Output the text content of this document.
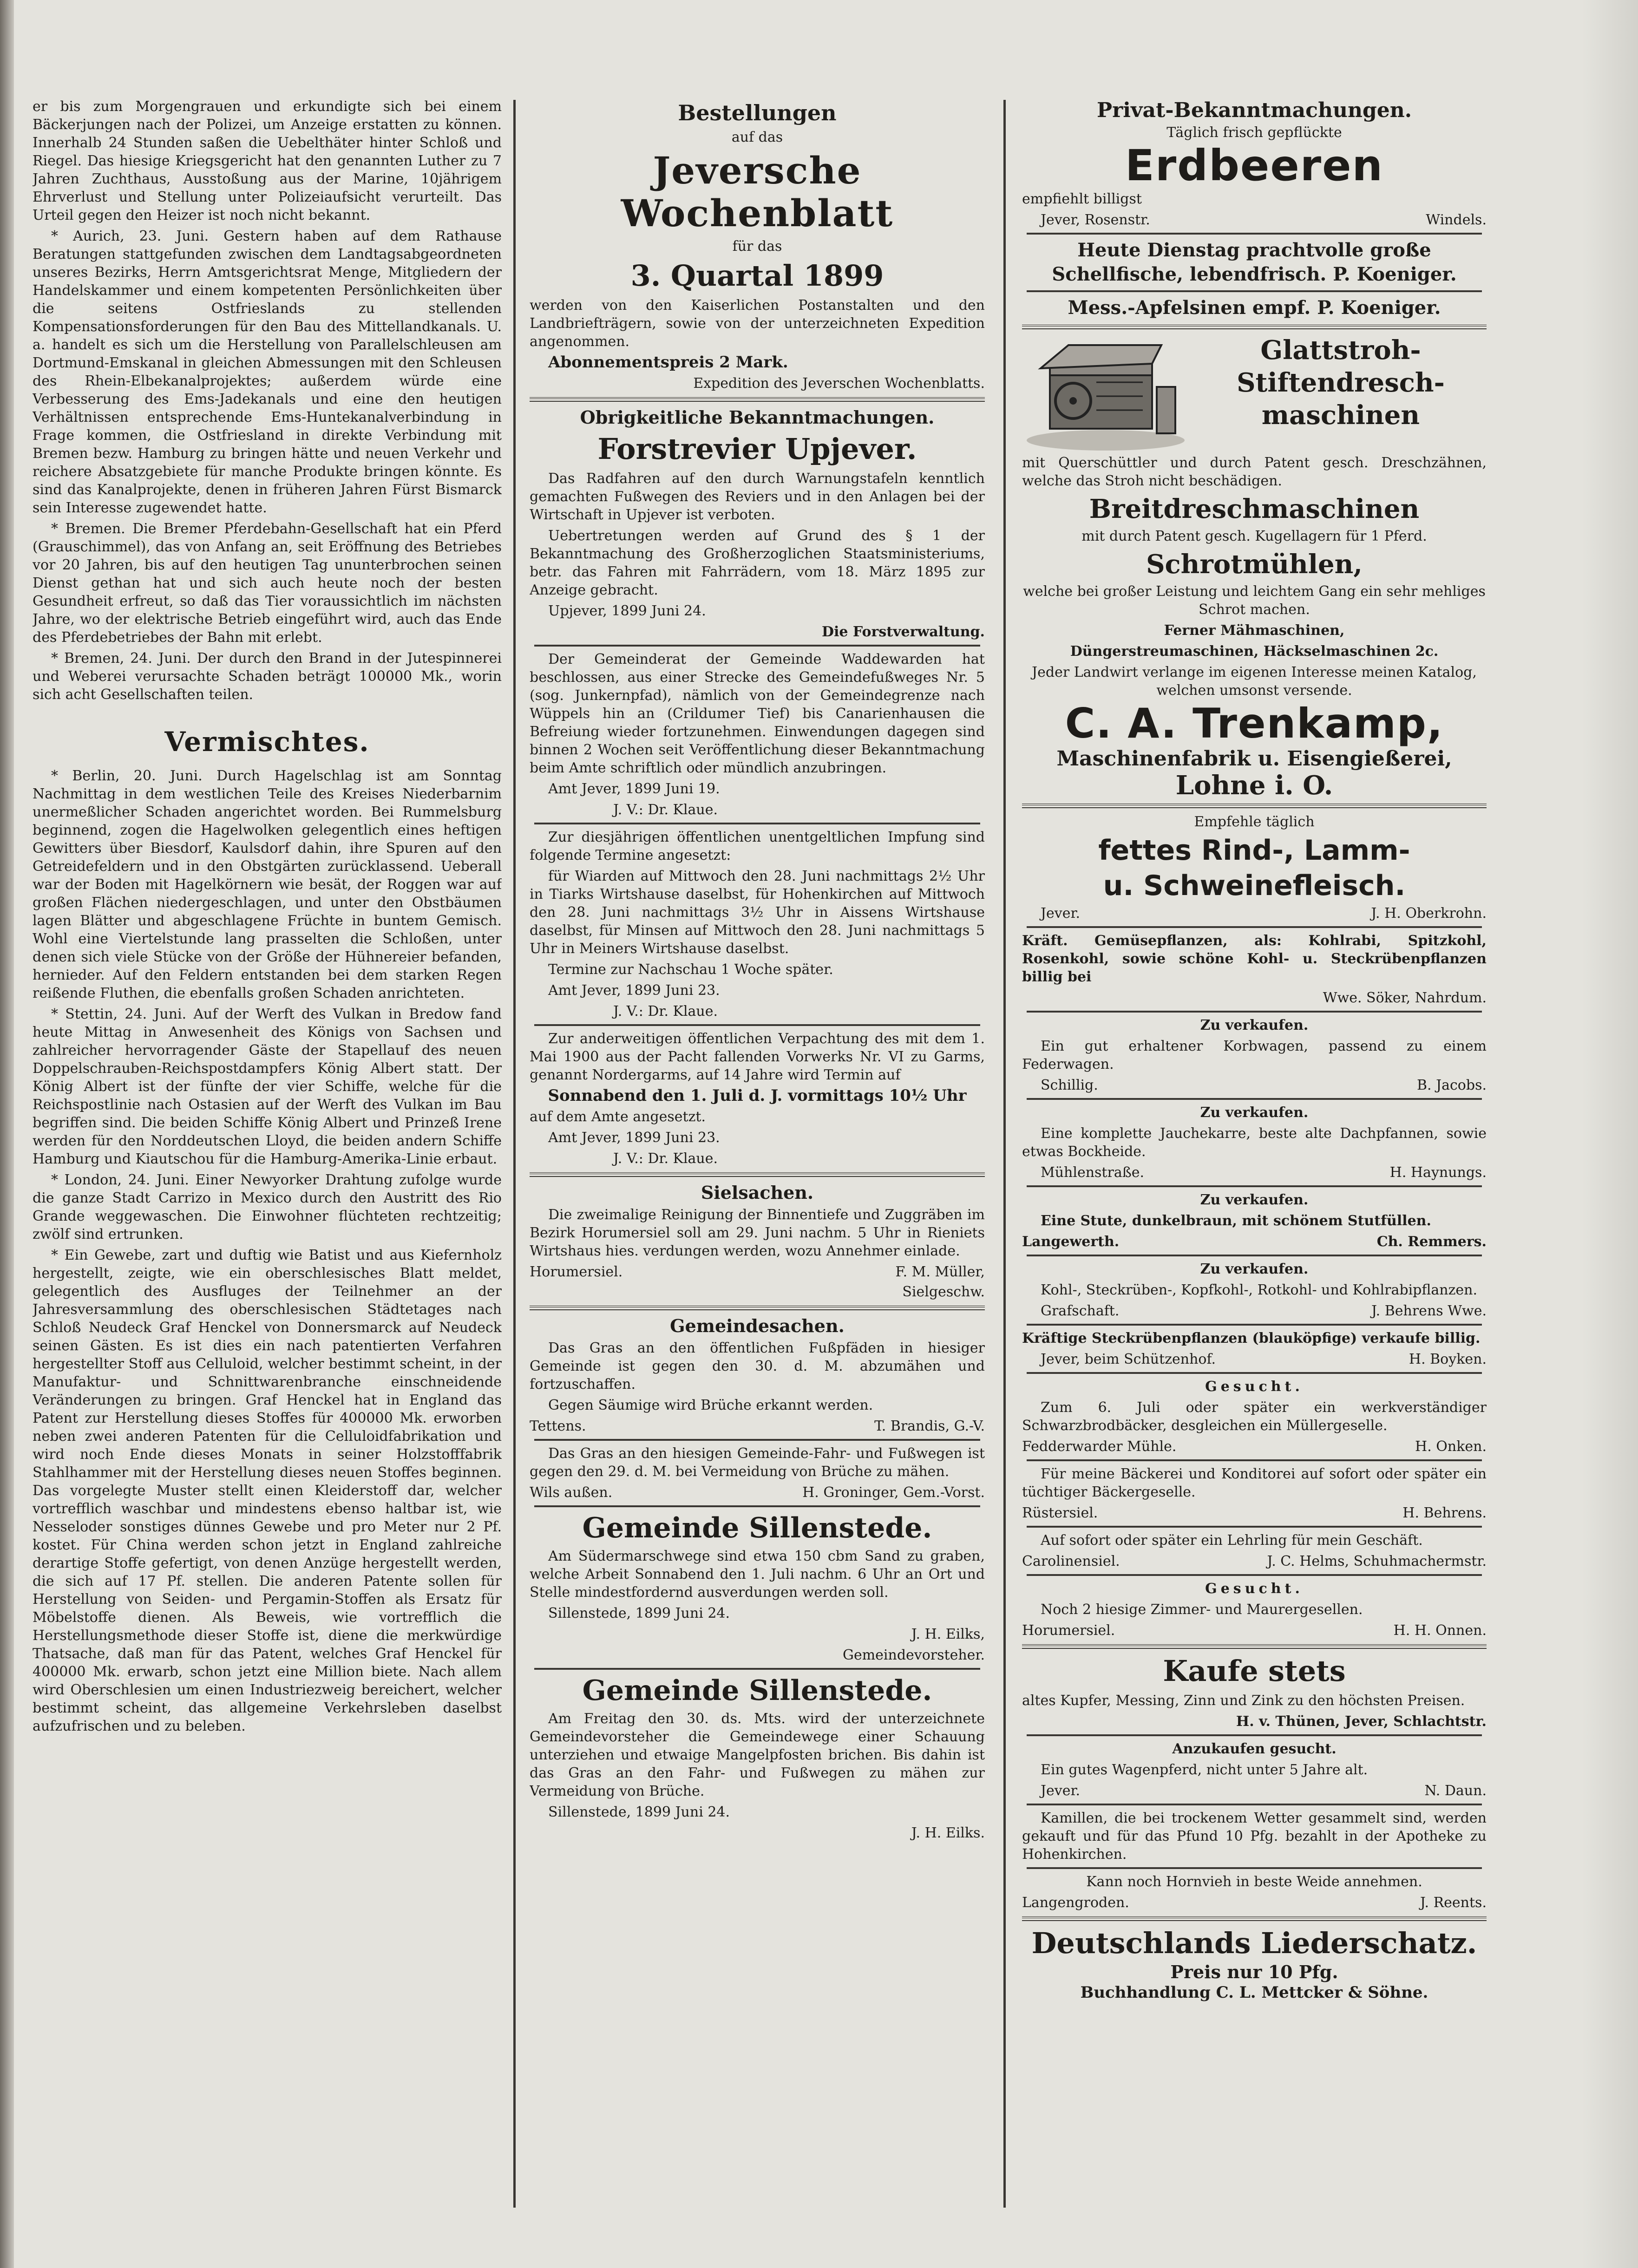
er bis zum Morgengrauen und erkundigte sich bei einem Bäckerjungen nach der Polizei, um Anzeige erstatten zu können. Innerhalb 24 Stunden saßen die Uebelthäter hinter Schloß und Riegel. Das hiesige Kriegsgericht hat den genannten Luther zu 7 Jahren Zuchthaus, Ausstoßung aus der Marine, 10jährigem Ehrverlust und Stellung unter Polizeiaufsicht verurteilt. Das Urteil gegen den Heizer ist noch nicht bekannt.

* Aurich, 23. Juni. Gestern haben auf dem Rathause Beratungen stattgefunden zwischen dem Landtagsabgeordneten unseres Bezirks, Herrn Amtsgerichtsrat Menge, Mitgliedern der Handelskammer und einem kompetenten Persönlichkeiten über die seitens Ostfrieslands zu stellenden Kompensationsforderungen für den Bau des Mittellandkanals. U. a. handelt es sich um die Herstellung von Parallelschleusen am Dortmund-Emskanal in gleichen Abmessungen mit den Schleusen des Rhein-Elbekanalprojektes; außerdem würde eine Verbesserung des Ems-Jadekanals und eine den heutigen Verhältnissen entsprechende Ems-Huntekanalverbindung in Frage kommen, die Ostfriesland in direkte Verbindung mit Bremen bezw. Hamburg zu bringen hätte und neuen Verkehr und reichere Absatzgebiete für manche Produkte bringen könnte. Es sind das Kanalprojekte, denen in früheren Jahren Fürst Bismarck sein Interesse zugewendet hatte.

* Bremen. Die Bremer Pferdebahn-Gesellschaft hat ein Pferd (Grauschimmel), das von Anfang an, seit Eröffnung des Betriebes vor 20 Jahren, bis auf den heutigen Tag ununterbrochen seinen Dienst gethan hat und sich auch heute noch der besten Gesundheit erfreut, so daß das Tier voraussichtlich im nächsten Jahre, wo der elektrische Betrieb eingeführt wird, auch das Ende des Pferdebetriebes der Bahn mit erlebt.

* Bremen, 24. Juni. Der durch den Brand in der Jutespinnerei und Weberei verursachte Schaden beträgt 100000 Mk., worin sich acht Gesellschaften teilen.

Vermischtes.

* Berlin, 20. Juni. Durch Hagelschlag ist am Sonntag Nachmittag in dem westlichen Teile des Kreises Niederbarnim unermeßlicher Schaden angerichtet worden. Bei Rummelsburg beginnend, zogen die Hagelwolken gelegentlich eines heftigen Gewitters über Biesdorf, Kaulsdorf dahin, ihre Spuren auf den Getreidefeldern und in den Obstgärten zurücklassend. Ueberall war der Boden mit Hagelkörnern wie besät, der Roggen war auf großen Flächen niedergeschlagen, und unter den Obstbäumen lagen Blätter und abgeschlagene Früchte in buntem Gemisch. Wohl eine Viertelstunde lang prasselten die Schloßen, unter denen sich viele Stücke von der Größe der Hühnereier befanden, hernieder. Auf den Feldern entstanden bei dem starken Regen reißende Fluthen, die ebenfalls großen Schaden anrichteten.

* Stettin, 24. Juni. Auf der Werft des Vulkan in Bredow fand heute Mittag in Anwesenheit des Königs von Sachsen und zahlreicher hervorragender Gäste der Stapellauf des neuen Doppelschrauben-Reichspostdampfers König Albert statt. Der König Albert ist der fünfte der vier Schiffe, welche für die Reichspostlinie nach Ostasien auf der Werft des Vulkan im Bau begriffen sind. Die beiden Schiffe König Albert und Prinzeß Irene werden für den Norddeutschen Lloyd, die beiden andern Schiffe Hamburg und Kiautschou für die Hamburg-Amerika-Linie erbaut.

* London, 24. Juni. Einer Newyorker Drahtung zufolge wurde die ganze Stadt Carrizo in Mexico durch den Austritt des Rio Grande weggewaschen. Die Einwohner flüchteten rechtzeitig; zwölf sind ertrunken.

* Ein Gewebe, zart und duftig wie Batist und aus Kiefernholz hergestellt, zeigte, wie ein oberschlesisches Blatt meldet, gelegentlich des Ausfluges der Teilnehmer an der Jahresversammlung des oberschlesischen Städtetages nach Schloß Neudeck Graf Henckel von Donnersmarck auf Neudeck seinen Gästen. Es ist dies ein nach patentierten Verfahren hergestellter Stoff aus Celluloid, welcher bestimmt scheint, in der Manufaktur- und Schnittwarenbranche einschneidende Veränderungen zu bringen. Graf Henckel hat in England das Patent zur Herstellung dieses Stoffes für 400000 Mk. erworben neben zwei anderen Patenten für die Celluloidfabrikation und wird noch Ende dieses Monats in seiner Holzstofffabrik Stahlhammer mit der Herstellung dieses neuen Stoffes beginnen. Das vorgelegte Muster stellt einen Kleiderstoff dar, welcher vortrefflich waschbar und mindestens ebenso haltbar ist, wie Nesseloder sonstiges dünnes Gewebe und pro Meter nur 2 Pf. kostet. Für China werden schon jetzt in England zahlreiche derartige Stoffe gefertigt, von denen Anzüge hergestellt werden, die sich auf 17 Pf. stellen. Die anderen Patente sollen für Herstellung von Seiden- und Pergamin-Stoffen als Ersatz für Möbelstoffe dienen. Als Beweis, wie vortrefflich die Herstellungsmethode dieser Stoffe ist, diene die merkwürdige Thatsache, daß man für das Patent, welches Graf Henckel für 400000 Mk. erwarb, schon jetzt eine Million biete. Nach allem wird Oberschlesien um einen Industriezweig bereichert, welcher bestimmt scheint, das allgemeine Verkehrsleben daselbst aufzufrischen und zu beleben.

Bestellungen

auf das

Jeversche Wochenblatt

für das

3. Quartal 1899

werden von den Kaiserlichen Postanstalten und den Landbriefträgern, sowie von der unterzeichneten Expedition angenommen.

Abonnementspreis 2 Mark.

Expedition des Jeverschen Wochenblatts.

Obrigkeitliche Bekanntmachungen.
Forstrevier Upjever.

Das Radfahren auf den durch Warnungstafeln kenntlich gemachten Fußwegen des Reviers und in den Anlagen bei der Wirtschaft in Upjever ist verboten.

Uebertretungen werden auf Grund des § 1 der Bekanntmachung des Großherzoglichen Staatsministeriums, betr. das Fahren mit Fahrrädern, vom 18. März 1895 zur Anzeige gebracht.

Upjever, 1899 Juni 24.

Die Forstverwaltung.

Der Gemeinderat der Gemeinde Waddewarden hat beschlossen, aus einer Strecke des Gemeindefußweges Nr. 5 (sog. Junkernpfad), nämlich von der Gemeindegrenze nach Wüppels hin an (Crildumer Tief) bis Canarienhausen die Befreiung wieder fortzunehmen. Einwendungen dagegen sind binnen 2 Wochen seit Veröffentlichung dieser Bekanntmachung beim Amte schriftlich oder mündlich anzubringen.

Amt Jever, 1899 Juni 19.

J. V.: Dr. Klaue.

Zur diesjährigen öffentlichen unentgeltlichen Impfung sind folgende Termine angesetzt:

für Wiarden auf Mittwoch den 28. Juni nachmittags 2½ Uhr in Tiarks Wirtshause daselbst, für Hohenkirchen auf Mittwoch den 28. Juni nachmittags 3½ Uhr in Aissens Wirtshause daselbst, für Minsen auf Mittwoch den 28. Juni nachmittags 5 Uhr in Meiners Wirtshause daselbst.

Termine zur Nachschau 1 Woche später.

Amt Jever, 1899 Juni 23.

J. V.: Dr. Klaue.

Zur anderweitigen öffentlichen Verpachtung des mit dem 1. Mai 1900 aus der Pacht fallenden Vorwerks Nr. VI zu Garms, genannt Nordergarms, auf 14 Jahre wird Termin auf

Sonnabend den 1. Juli d. J. vormittags 10½ Uhr

auf dem Amte angesetzt.

Amt Jever, 1899 Juni 23.

J. V.: Dr. Klaue.

Sielsachen.

Die zweimalige Reinigung der Binnentiefe und Zuggräben im Bezirk Horumersiel soll am 29. Juni nachm. 5 Uhr in Rieniets Wirtshaus hies. verdungen werden, wozu Annehmer einlade.

Horumersiel.	F. M. Müller,

Sielgeschw.

Gemeindesachen.

Das Gras an den öffentlichen Fußpfäden in hiesiger Gemeinde ist gegen den 30. d. M. abzumähen und fortzuschaffen.

Gegen Säumige wird Brüche erkannt werden.

Tettens.	T. Brandis, G.-V.

Das Gras an den hiesigen Gemeinde-Fahr- und Fußwegen ist gegen den 29. d. M. bei Vermeidung von Brüche zu mähen.

Wils außen.	H. Groninger, Gem.-Vorst.
Gemeinde Sillenstede.

Am Südermarschwege sind etwa 150 cbm Sand zu graben, welche Arbeit Sonnabend den 1. Juli nachm. 6 Uhr an Ort und Stelle mindestfordernd ausverdungen werden soll.

Sillenstede, 1899 Juni 24.

J. H. Eilks,

Gemeindevorsteher.

Gemeinde Sillenstede.

Am Freitag den 30. ds. Mts. wird der unterzeichnete Gemeindevorsteher die Gemeindewege einer Schauung unterziehen und etwaige Mangelpfosten brichen. Bis dahin ist das Gras an den Fahr- und Fußwegen zu mähen zur Vermeidung von Brüche.

Sillenstede, 1899 Juni 24.

J. H. Eilks.

Privat-Bekanntmachungen.

Täglich frisch gepflückte

Erdbeeren

empfiehlt billigst

Jever, Rosenstr.	Windels.

Heute Dienstag prachtvolle große Schellfische, lebendfrisch. P. Koeniger.

Mess.-Apfelsinen empf. P. Koeniger.

Glattstroh-Stiftendresch-maschinen

mit Querschüttler und durch Patent gesch. Dreschzähnen, welche das Stroh nicht beschädigen.

Breitdreschmaschinen

mit durch Patent gesch. Kugellagern für 1 Pferd.

Schrotmühlen,

welche bei großer Leistung und leichtem Gang ein sehr mehliges Schrot machen.

Ferner Mähmaschinen,

Düngerstreumaschinen, Häckselmaschinen 2c.

Jeder Landwirt verlange im eigenen Interesse meinen Katalog, welchen umsonst versende.

C. A. Trenkamp,
Maschinenfabrik u. Eisengießerei,
Lohne i. O.

Empfehle täglich

fettes Rind-, Lamm-
u. Schweinefleisch.
Jever.	J. H. Oberkrohn.

Kräft. Gemüsepflanzen, als: Kohlrabi, Spitzkohl, Rosenkohl, sowie schöne Kohl- u. Steckrübenpflanzen billig bei

Wwe. Söker, Nahrdum.

Zu verkaufen.

Ein gut erhaltener Korbwagen, passend zu einem Federwagen.

Schillig.	B. Jacobs.

Zu verkaufen.

Eine komplette Jauchekarre, beste alte Dachpfannen, sowie etwas Bockheide.

Mühlenstraße.	H. Haynungs.

Zu verkaufen.

Eine Stute, dunkelbraun, mit schönem Stutfüllen.

Langewerth.	Ch. Remmers.

Zu verkaufen.

Kohl-, Steckrüben-, Kopfkohl-, Rotkohl- und Kohlrabipflanzen.

Grafschaft.	J. Behrens Wwe.

Kräftige Steckrübenpflanzen (blauköpfige) verkaufe billig.

Jever, beim Schützenhof.	H. Boyken.

Gesucht.

Zum 6. Juli oder später ein werkverständiger Schwarzbrodbäcker, desgleichen ein Müllergeselle.

Fedderwarder Mühle.	H. Onken.

Für meine Bäckerei und Konditorei auf sofort oder später ein tüchtiger Bäckergeselle.

Rüstersiel.	H. Behrens.

Auf sofort oder später ein Lehrling für mein Geschäft.

Carolinensiel.	J. C. Helms, Schuhmachermstr.

Gesucht.

Noch 2 hiesige Zimmer- und Maurergesellen.

Horumersiel.	H. H. Onnen.
Kaufe stets

altes Kupfer, Messing, Zinn und Zink zu den höchsten Preisen.

H. v. Thünen, Jever, Schlachtstr.

Anzukaufen gesucht.

Ein gutes Wagenpferd, nicht unter 5 Jahre alt.

Jever.	N. Daun.

Kamillen, die bei trockenem Wetter gesammelt sind, werden gekauft und für das Pfund 10 Pfg. bezahlt in der Apotheke zu Hohenkirchen.

Kann noch Hornvieh in beste Weide annehmen.

Langengroden.	J. Reents.
Deutschlands Liederschatz.

Preis nur 10 Pfg.

Buchhandlung C. L. Mettcker & Söhne.
